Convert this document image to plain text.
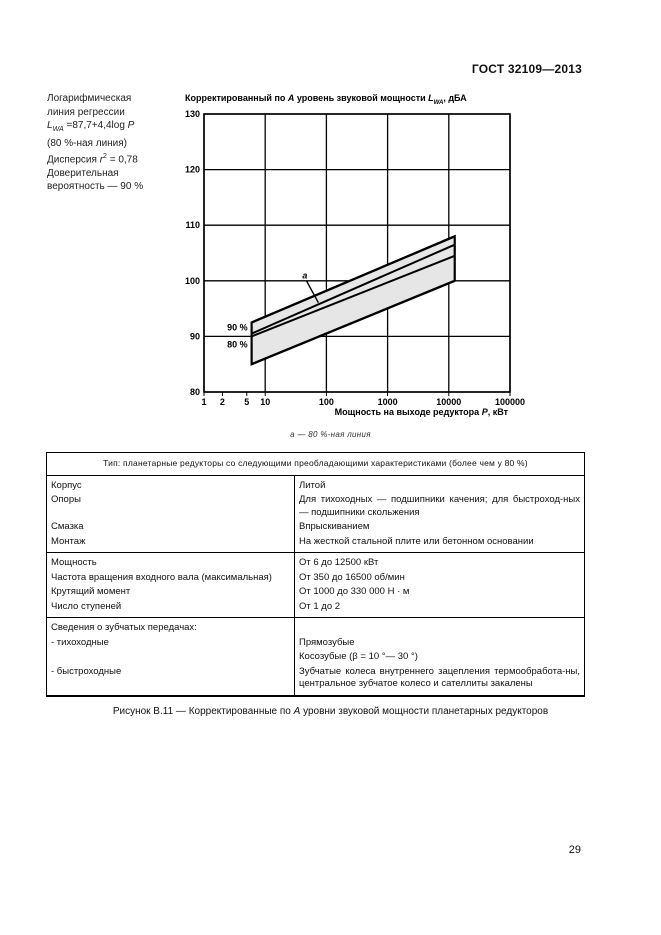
ГОСТ 32109—2013
Логарифмическая
линия регрессии
$L_{WA} =87,7+4,4\log$ P
(80 %-ная линия)
Дисперсия $r^2 = 0,78$
Доверительная
вероятность — 90 %
Корректированный по A уровень звуковой мощности $L_{WA}$, дБА
80
90
100
110
120
130
1 2 5 10	100	1000	10000	100000
90 %
80 %
a
Мощность на выходе редуктора P, кВт
a — 80 %-ная линия
Тип: планетарные редукторы со следующими преобладающими характеристиками (более чем у 80 %)	
Корпус	Литой
Опоры	Для тихоходных — подшипники качения; для быстроход-ных — подшипники скольжения
Смазка	Впрыскиванием
Монтаж	На жесткой стальной плите или бетонном основании
Мощность	От 6 до 12500 кВт
Частота вращения входного вала (максимальная)	От 350 до 16500 об/мин
Крутящий момент	От 1000 до 330 000 Н · м
Число ступеней	От 1 до 2
Сведения о зубчатых передачах:	
- тихоходные	Прямозубые
	Косозубые (β = 10 °— 30 °)
- быстроходные	Зубчатые колеса внутреннего зацепления термообработа-ны, центральное зубчатое колесо и сателлиты закалены
Рисунок В.11 — Корректированные по A уровни звуковой мощности планетарных редукторов
29
